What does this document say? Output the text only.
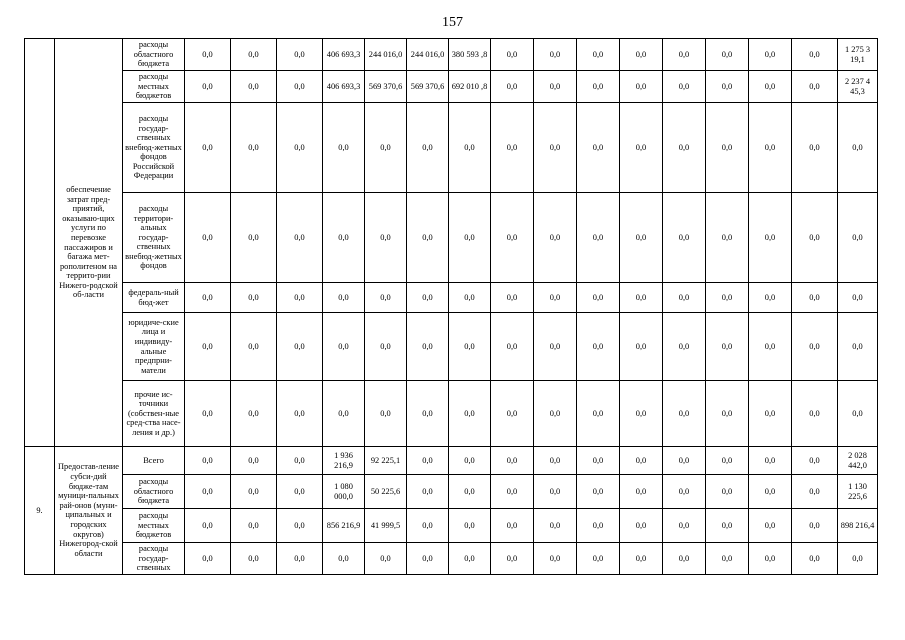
157
	обеспечение затрат пред-приятий, оказываю-щих услуги по перевозке пассажиров и багажа мет-рополитеном на террито-рии Нижего-родской об-ласти	расходы областного бюджета	0,0	0,0	0,0	406 693,3	244 016,0	244 016,0	380 593 ,8	0,0	0,0	0,0	0,0	0,0	0,0	0,0	0,0	1 275 3 19,1
		расходы местных бюджетов	0,0	0,0	0,0	406 693,3	569 370,6	569 370,6	692 010 ,8	0,0	0,0	0,0	0,0	0,0	0,0	0,0	0,0	2 237 4 45,3
		расходы государ-ственных внебюд-жетных фондов Российской Федерации	0,0	0,0	0,0	0,0	0,0	0,0	0,0	0,0	0,0	0,0	0,0	0,0	0,0	0,0	0,0	0,0
		расходы территори-альных государ-ственных внебюд-жетных фондов	0,0	0,0	0,0	0,0	0,0	0,0	0,0	0,0	0,0	0,0	0,0	0,0	0,0	0,0	0,0	0,0
		федераль-ный бюд-жет	0,0	0,0	0,0	0,0	0,0	0,0	0,0	0,0	0,0	0,0	0,0	0,0	0,0	0,0	0,0	0,0
		юридиче-ские лица и индивиду-альные предпрни-матели	0,0	0,0	0,0	0,0	0,0	0,0	0,0	0,0	0,0	0,0	0,0	0,0	0,0	0,0	0,0	0,0
		прочие ис-точники (собствен-ные сред-ства насе-ления и др.)	0,0	0,0	0,0	0,0	0,0	0,0	0,0	0,0	0,0	0,0	0,0	0,0	0,0	0,0	0,0	0,0
9.	Предостав-ление субси-дий бюдже-там муници-пальных рай-онов (муни-ципальных и городских округов) Нижегород-ской области	Всего	0,0	0,0	0,0	1 936 216,9	92 225,1	0,0	0,0	0,0	0,0	0,0	0,0	0,0	0,0	0,0	0,0	2 028 442,0
		расходы областного бюджета	0,0	0,0	0,0	1 080 000,0	50 225,6	0,0	0,0	0,0	0,0	0,0	0,0	0,0	0,0	0,0	0,0	1 130 225,6
		расходы местных бюджетов	0,0	0,0	0,0	856 216,9	41 999,5	0,0	0,0	0,0	0,0	0,0	0,0	0,0	0,0	0,0	0,0	898 216,4
		расходы государ-ственных	0,0	0,0	0,0	0,0	0,0	0,0	0,0	0,0	0,0	0,0	0,0	0,0	0,0	0,0	0,0	0,0
